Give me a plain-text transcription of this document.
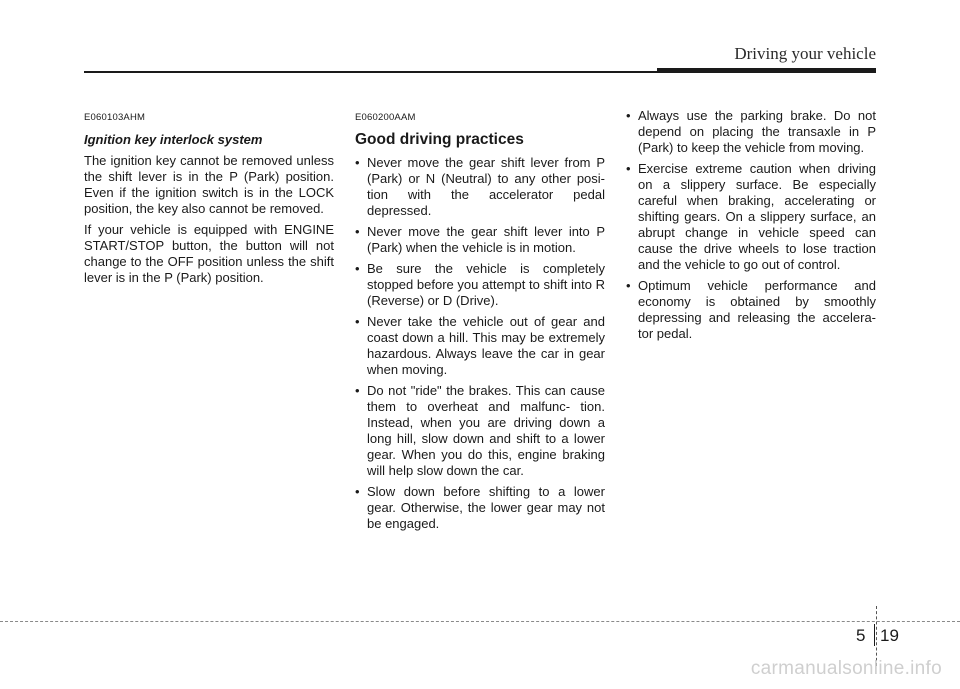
Driving your vehicle
E060103AHM
Ignition key interlock system

The ignition key cannot be removed unless the shift lever is in the P (Park) position. Even if the ignition switch is in the LOCK position, the key also cannot be removed.

If your vehicle is equipped with ENGINE START/STOP button, the button will not change to the OFF position unless the shift lever is in the P (Park) position.

E060200AAM
Good driving practices
• Never move the gear shift lever from P (Park) or N (Neutral) to any other posi- tion with the accelerator pedal depressed.
• Never move the gear shift lever into P (Park) when the vehicle is in motion.
• Be sure the vehicle is completely stopped before you attempt to shift into R (Reverse) or D (Drive).
• Never take the vehicle out of gear and coast down a hill. This may be extremely hazardous. Always leave the car in gear when moving.
• Do not "ride" the brakes. This can cause them to overheat and malfunc- tion. Instead, when you are driving down a long hill, slow down and shift to a lower gear. When you do this, engine braking will help slow down the car.
• Slow down before shifting to a lower gear. Otherwise, the lower gear may not be engaged.
• Always use the parking brake. Do not depend on placing the transaxle in P (Park) to keep the vehicle from moving.
• Exercise extreme caution when driving on a slippery surface. Be especially careful when braking, accelerating or shifting gears. On a slippery surface, an abrupt change in vehicle speed can cause the drive wheels to lose traction and the vehicle to go out of control.
• Optimum vehicle performance and economy is obtained by smoothly depressing and releasing the accelera- tor pedal.
5 19
carmanualsonline.info
